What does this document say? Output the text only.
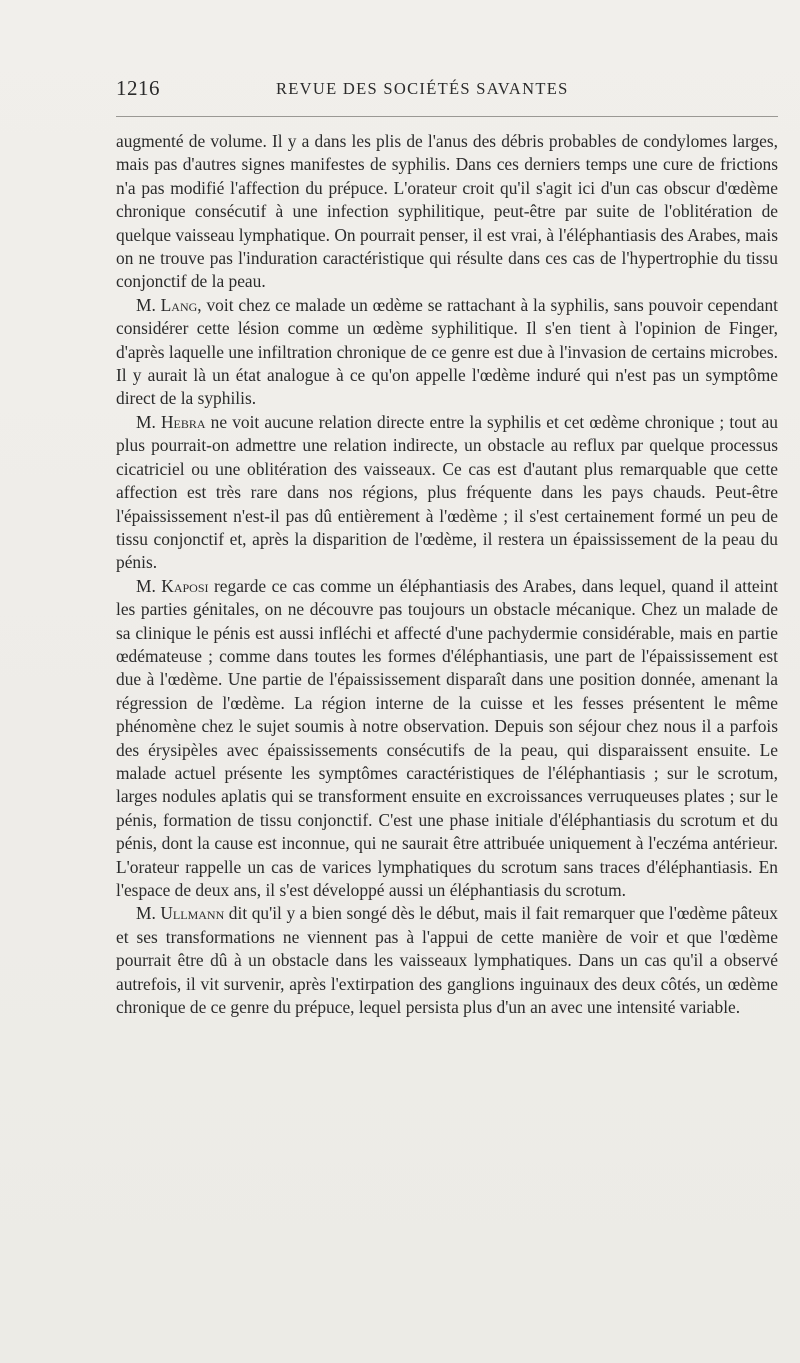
1216	REVUE DES SOCIÉTÉS SAVANTES

augmenté de volume. Il y a dans les plis de l'anus des débris probables de condylomes larges, mais pas d'autres signes manifestes de syphilis. Dans ces derniers temps une cure de frictions n'a pas modifié l'affection du prépuce. L'orateur croit qu'il s'agit ici d'un cas obscur d'œdème chronique consécutif à une infection syphilitique, peut-être par suite de l'oblitération de quelque vaisseau lymphatique. On pourrait penser, il est vrai, à l'éléphantiasis des Arabes, mais on ne trouve pas l'induration caractéristique qui résulte dans ces cas de l'hypertrophie du tissu conjonctif de la peau.

M. Lang, voit chez ce malade un œdème se rattachant à la syphilis, sans pouvoir cependant considérer cette lésion comme un œdème syphilitique. Il s'en tient à l'opinion de Finger, d'après laquelle une infiltration chronique de ce genre est due à l'invasion de certains microbes. Il y aurait là un état analogue à ce qu'on appelle l'œdème induré qui n'est pas un symptôme direct de la syphilis.

M. Hebra ne voit aucune relation directe entre la syphilis et cet œdème chronique ; tout au plus pourrait-on admettre une relation indirecte, un obstacle au reflux par quelque processus cicatriciel ou une oblitération des vaisseaux. Ce cas est d'autant plus remarquable que cette affection est très rare dans nos régions, plus fréquente dans les pays chauds. Peut-être l'épaississement n'est-il pas dû entièrement à l'œdème ; il s'est certainement formé un peu de tissu conjonctif et, après la disparition de l'œdème, il restera un épaississement de la peau du pénis.

M. Kaposi regarde ce cas comme un éléphantiasis des Arabes, dans lequel, quand il atteint les parties génitales, on ne découvre pas toujours un obstacle mécanique. Chez un malade de sa clinique le pénis est aussi infléchi et affecté d'une pachydermie considérable, mais en partie œdémateuse ; comme dans toutes les formes d'éléphantiasis, une part de l'épaississement est due à l'œdème. Une partie de l'épaississement disparaît dans une position donnée, amenant la régression de l'œdème. La région interne de la cuisse et les fesses présentent le même phénomène chez le sujet soumis à notre observation. Depuis son séjour chez nous il a parfois des érysipèles avec épaississements consécutifs de la peau, qui disparaissent ensuite. Le malade actuel présente les symptômes caractéristiques de l'éléphantiasis ; sur le scrotum, larges nodules aplatis qui se transforment ensuite en excroissances verruqueuses plates ; sur le pénis, formation de tissu conjonctif. C'est une phase initiale d'éléphantiasis du scrotum et du pénis, dont la cause est inconnue, qui ne saurait être attribuée uniquement à l'eczéma antérieur. L'orateur rappelle un cas de varices lymphatiques du scrotum sans traces d'éléphantiasis. En l'espace de deux ans, il s'est développé aussi un éléphantiasis du scrotum.

M. Ullmann dit qu'il y a bien songé dès le début, mais il fait remarquer que l'œdème pâteux et ses transformations ne viennent pas à l'appui de cette manière de voir et que l'œdème pourrait être dû à un obstacle dans les vaisseaux lymphatiques. Dans un cas qu'il a observé autrefois, il vit survenir, après l'extirpation des ganglions inguinaux des deux côtés, un œdème chronique de ce genre du prépuce, lequel persista plus d'un an avec une intensité variable.
